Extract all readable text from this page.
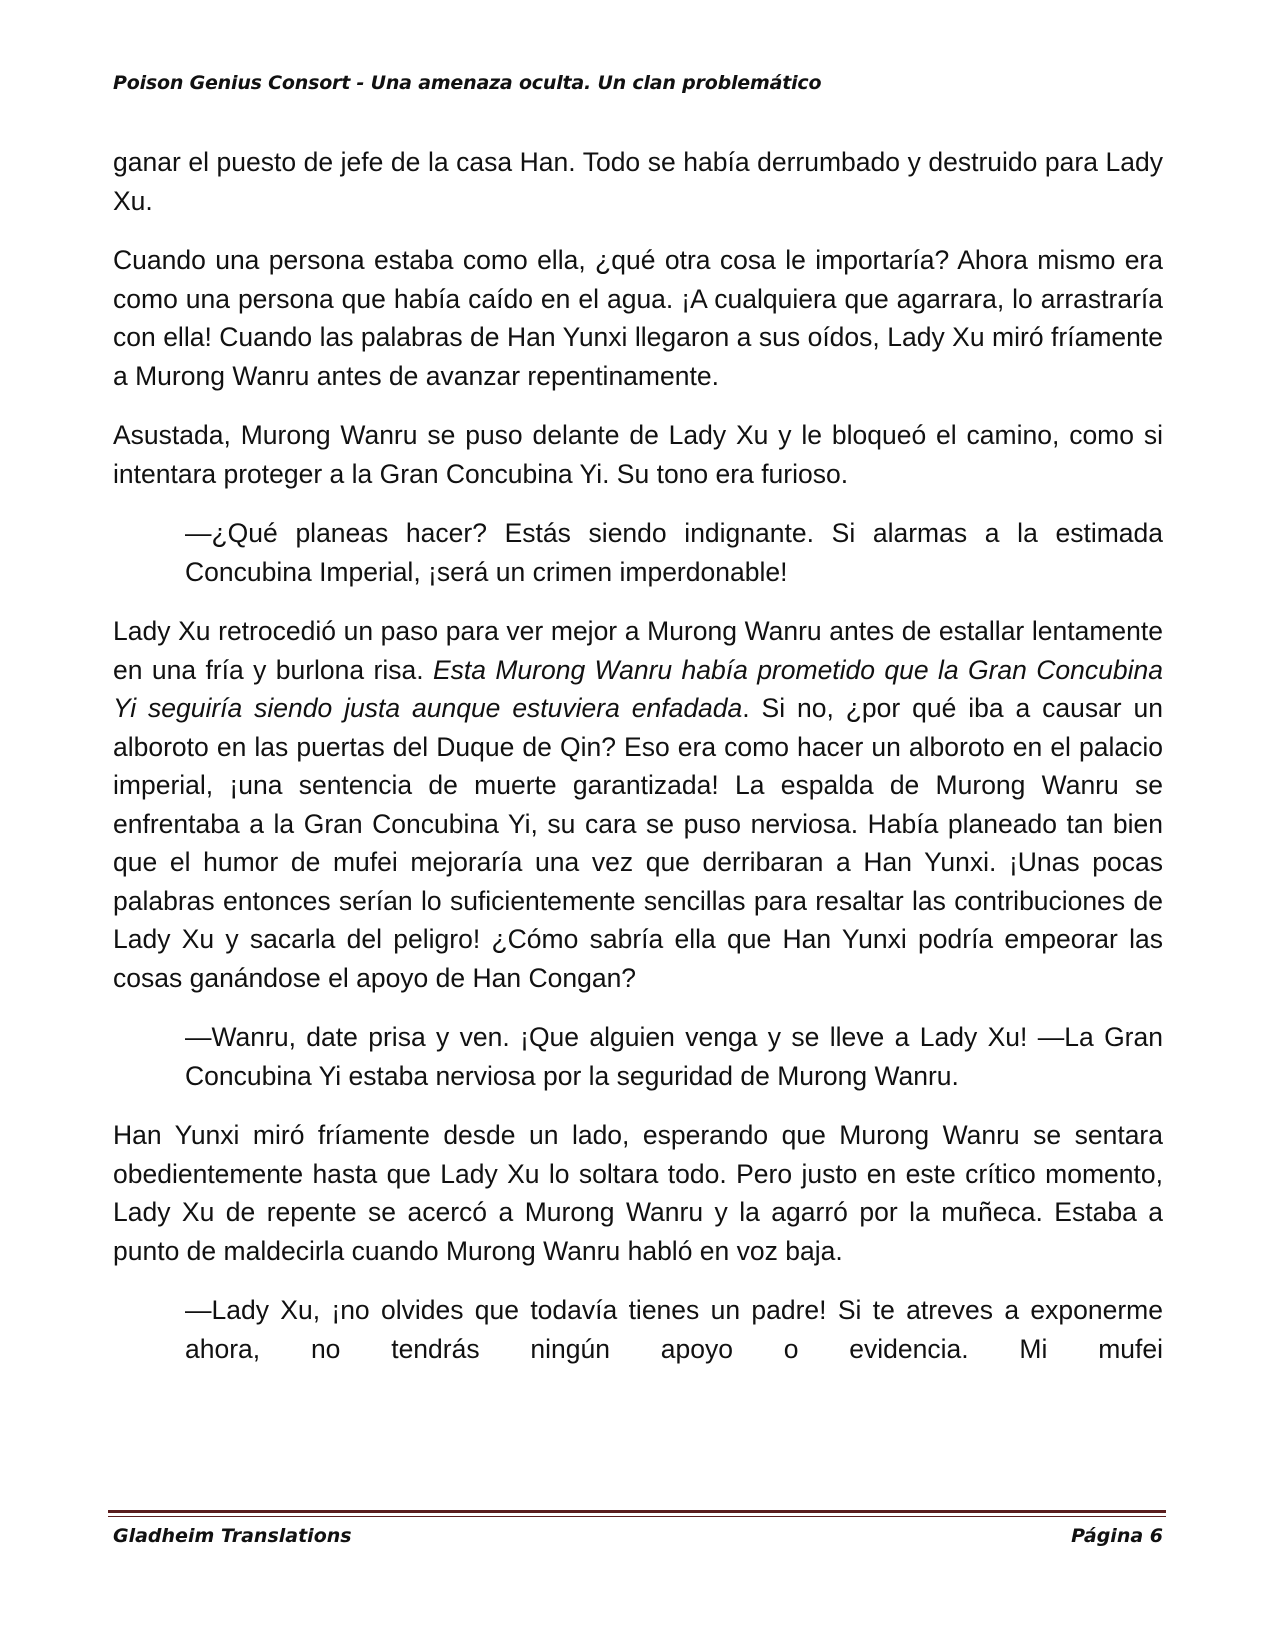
Poison Genius Consort - Una amenaza oculta. Un clan problemático

ganar el puesto de jefe de la casa Han. Todo se había derrumbado y destruido para Lady Xu.

Cuando una persona estaba como ella, ¿qué otra cosa le importaría? Ahora mismo era como una persona que había caído en el agua. ¡A cualquiera que agarrara, lo arrastraría con ella! Cuando las palabras de Han Yunxi llegaron a sus oídos, Lady Xu miró fríamente a Murong Wanru antes de avanzar repentinamente.

Asustada, Murong Wanru se puso delante de Lady Xu y le bloqueó el camino, como si intentara proteger a la Gran Concubina Yi. Su tono era furioso.

—¿Qué planeas hacer? Estás siendo indignante. Si alarmas a la estimada Concubina Imperial, ¡será un crimen imperdonable!

Lady Xu retrocedió un paso para ver mejor a Murong Wanru antes de estallar lentamente en una fría y burlona risa. Esta Murong Wanru había prometido que la Gran Concubina Yi seguiría siendo justa aunque estuviera enfadada. Si no, ¿por qué iba a causar un alboroto en las puertas del Duque de Qin? Eso era como hacer un alboroto en el palacio imperial, ¡una sentencia de muerte garantizada! La espalda de Murong Wanru se enfrentaba a la Gran Concubina Yi, su cara se puso nerviosa. Había planeado tan bien que el humor de mufei mejoraría una vez que derribaran a Han Yunxi. ¡Unas pocas palabras entonces serían lo suficientemente sencillas para resaltar las contribuciones de Lady Xu y sacarla del peligro! ¿Cómo sabría ella que Han Yunxi podría empeorar las cosas ganándose el apoyo de Han Congan?

—Wanru, date prisa y ven. ¡Que alguien venga y se lleve a Lady Xu! —La Gran Concubina Yi estaba nerviosa por la seguridad de Murong Wanru.

Han Yunxi miró fríamente desde un lado, esperando que Murong Wanru se sentara obedientemente hasta que Lady Xu lo soltara todo. Pero justo en este crítico momento, Lady Xu de repente se acercó a Murong Wanru y la agarró por la muñeca. Estaba a punto de maldecirla cuando Murong Wanru habló en voz baja.

—Lady Xu, ¡no olvides que todavía tienes un padre! Si te atreves a exponerme ahora, no tendrás ningún apoyo o evidencia. Mi mufei

Gladheim Translations	Página 6
